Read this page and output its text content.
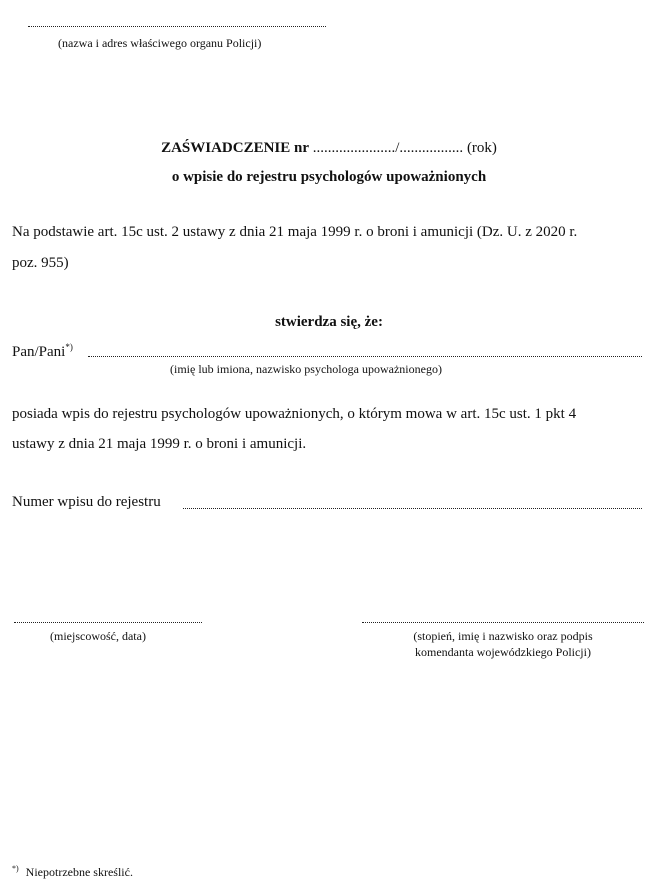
(nazwa i adres właściwego organu Policji)
ZAŚWIADCZENIE nr ....................../................. (rok)
o wpisie do rejestru psychologów upoważnionych
Na podstawie art. 15c ust. 2 ustawy z dnia 21 maja 1999 r. o broni i amunicji (Dz. U. z 2020 r.
poz. 955)
stwierdza się, że:
Pan/Pani*)
(imię lub imiona, nazwisko psychologa upoważnionego)
posiada wpis do rejestru psychologów upoważnionych, o którym mowa w art. 15c ust. 1 pkt 4
ustawy z dnia 21 maja 1999 r. o broni i amunicji.
Numer wpisu do rejestru
(miejscowość, data)	(stopień, imię i nazwisko oraz podpis
komendanta wojewódzkiego Policji)
*) Niepotrzebne skreślić.
